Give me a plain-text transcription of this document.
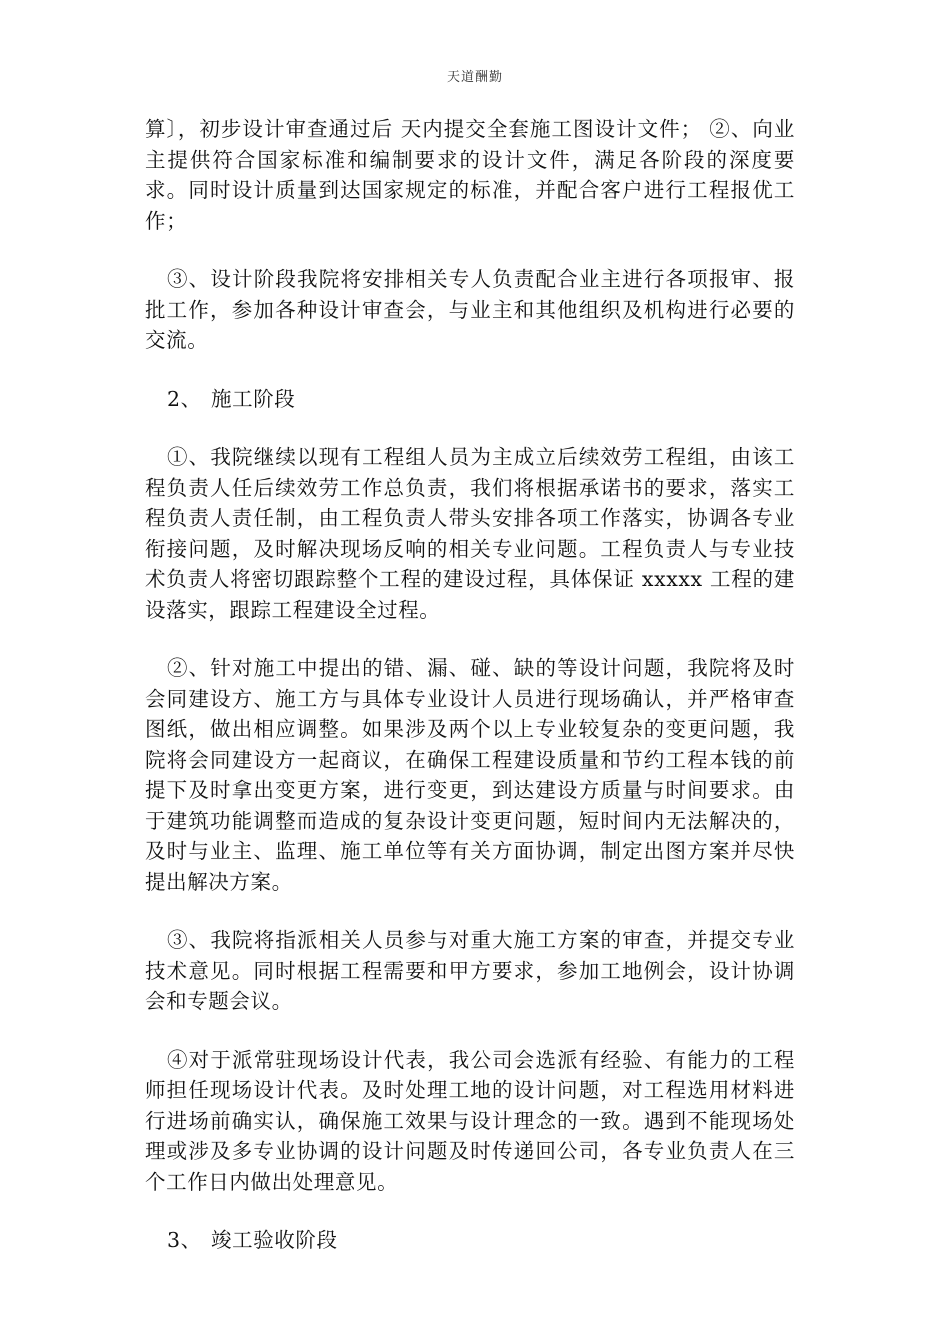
天道酬勤

算〕，初步设计审查通过后 天内提交全套施工图设计文件； ②、向业主提供符合国家标准和编制要求的设计文件，满足各阶段的深度要求。同时设计质量到达国家规定的标准，并配合客户进行工程报优工作；

③、设计阶段我院将安排相关专人负责配合业主进行各项报审、报批工作，参加各种设计审查会，与业主和其他组织及机构进行必要的交流。

2、 施工阶段

①、我院继续以现有工程组人员为主成立后续效劳工程组，由该工程负责人任后续效劳工作总负责，我们将根据承诺书的要求，落实工程负责人责任制，由工程负责人带头安排各项工作落实，协调各专业衔接问题，及时解决现场反响的相关专业问题。工程负责人与专业技术负责人将密切跟踪整个工程的建设过程，具体保证 xxxxx 工程的建设落实，跟踪工程建设全过程。

②、针对施工中提出的错、漏、碰、缺的等设计问题，我院将及时会同建设方、施工方与具体专业设计人员进行现场确认，并严格审查图纸，做出相应调整。如果涉及两个以上专业较复杂的变更问题，我院将会同建设方一起商议，在确保工程建设质量和节约工程本钱的前提下及时拿出变更方案，进行变更，到达建设方质量与时间要求。由于建筑功能调整而造成的复杂设计变更问题，短时间内无法解决的，及时与业主、监理、施工单位等有关方面协调，制定出图方案并尽快提出解决方案。

③、我院将指派相关人员参与对重大施工方案的审查，并提交专业技术意见。同时根据工程需要和甲方要求，参加工地例会，设计协调会和专题会议。

④对于派常驻现场设计代表，我公司会选派有经验、有能力的工程师担任现场设计代表。及时处理工地的设计问题，对工程选用材料进行进场前确实认，确保施工效果与设计理念的一致。遇到不能现场处理或涉及多专业协调的设计问题及时传递回公司，各专业负责人在三个工作日内做出处理意见。

3、 竣工验收阶段
